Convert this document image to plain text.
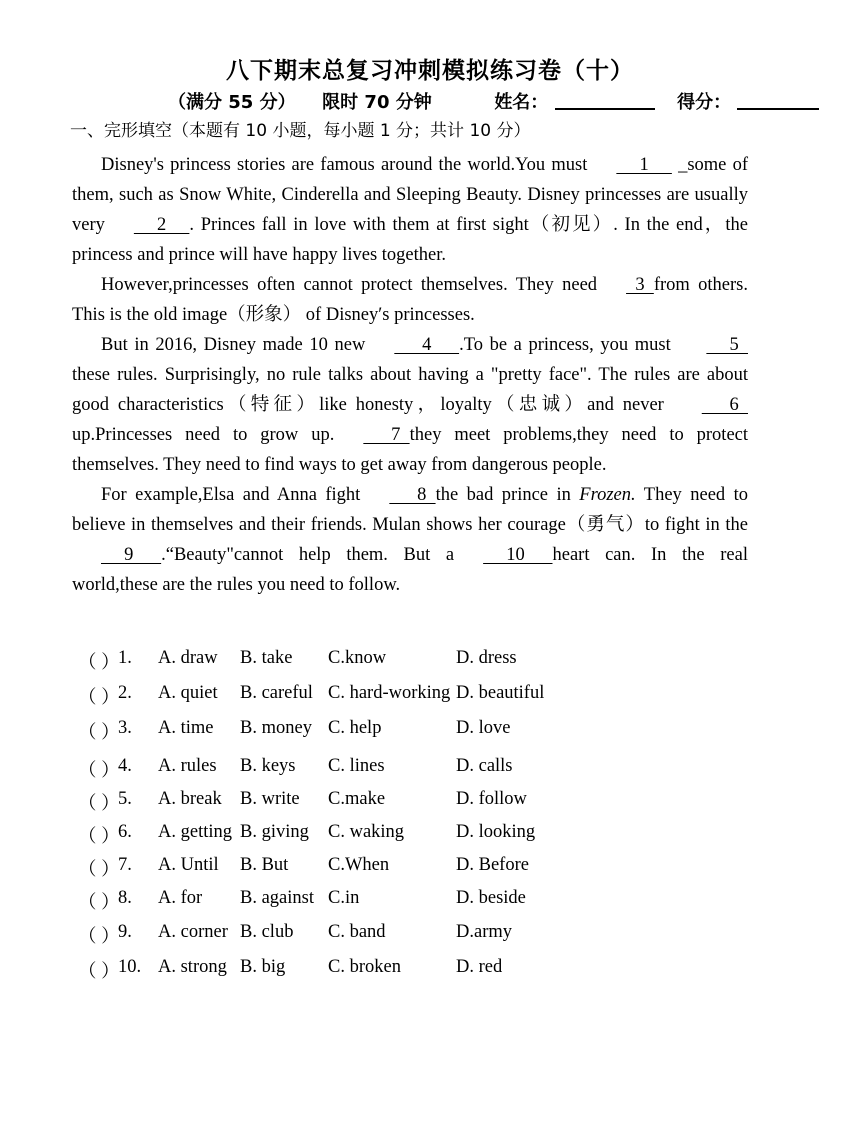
八下期末总复习冲刺模拟练习卷（十）
（满分 55 分） 限时 70 分钟	姓名：	得分：
一、完形填空（本题有 10 小题，每小题 1 分；共计 10 分）

Disney's princess stories are famous around the world.You must     1      _some of them, such as Snow White, Cinderella and Sleeping Beauty. Disney princesses are usually very     2     . Princes fall in love with them at first sight（初见）. In the end，the princess and prince will have happy lives together.

However,princesses often cannot protect themselves. They need  3  from others. This is the old image（形象） of Disney′s princesses.

But in 2016, Disney made 10 new      4      .To be a princess, you must      5  these rules. Surprisingly, no rule talks about having a "pretty face". The rules are about good characteristics（特征）like honesty，loyalty（忠诚）and never       6  up.Princesses need to grow up.      7  they meet problems,they need to protect themselves. They need to find ways to get away from dangerous people.

For example,Elsa and Anna fight      8  the bad prince in Frozen. They need to believe in themselves and their friends. Mulan shows her courage（勇气）to fight in the      9      .“Beauty"cannot help them. But a     10      heart can. In the real world,these are the rules you need to follow.

（ ）
1. A. draw B. take C.know	D. dress
（ ）
2. A. quiet B. careful C. hard-working D. beautiful
（ ）
3. A. time B. money C. help	D. love
（ ）
4. A. rules B. keys C. lines	D. calls
（ ）
5. A. break B. write C.make	D. follow
（ ）
6. A. getting B. giving C. waking	D. looking
（ ）
7. A. Until B. But C.When	D. Before
（ ）
8. A. for B. against C.in	D. beside
（ ）
9. A. corner B. club C. band	D.army
（ ）
10. A. strong B. big C. broken	D. red
